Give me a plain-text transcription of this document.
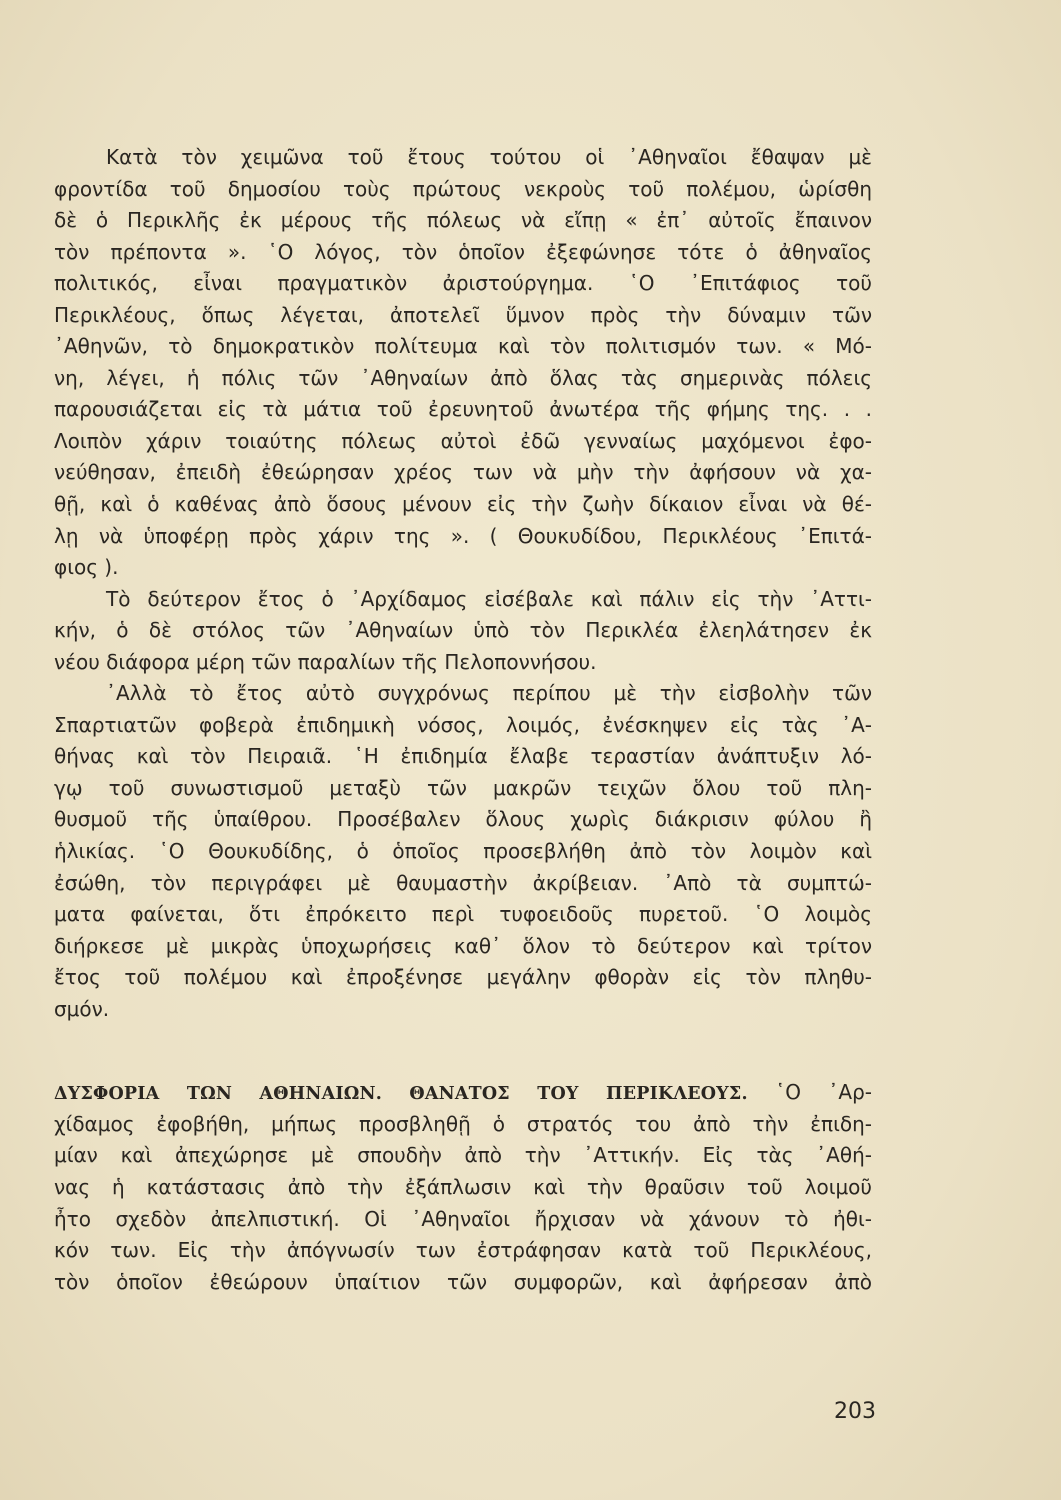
Κατὰ τὸν χειμῶνα τοῦ ἔτους τούτου οἱ ᾿Αθηναῖοι ἔθαψαν μὲ
φροντίδα τοῦ δημοσίου τοὺς πρώτους νεκροὺς τοῦ πολέμου, ὡρίσθη
δὲ ὁ Περικλῆς ἐκ μέρους τῆς πόλεως νὰ εἴπῃ « ἐπ᾿ αὐτοῖς ἔπαινον
τὸν πρέποντα ». ῾Ο λόγος, τὸν ὁποῖον ἐξεφώνησε τότε ὁ ἀθηναῖος
πολιτικός, εἶναι πραγματικὸν ἀριστούργημα. ῾Ο ᾿Επιτάφιος τοῦ
Περικλέους, ὅπως λέγεται, ἀποτελεῖ ὕμνον πρὸς τὴν δύναμιν τῶν
᾿Αθηνῶν, τὸ δημοκρατικὸν πολίτευμα καὶ τὸν πολιτισμόν των. « Μό-
νη, λέγει, ἡ πόλις τῶν ᾿Αθηναίων ἀπὸ ὅλας τὰς σημερινὰς πόλεις
παρουσιάζεται εἰς τὰ μάτια τοῦ ἐρευνητοῦ ἀνωτέρα τῆς φήμης της. . .
Λοιπὸν χάριν τοιαύτης πόλεως αὐτοὶ ἐδῶ γενναίως μαχόμενοι ἐφο-
νεύθησαν, ἐπειδὴ ἐθεώρησαν χρέος των νὰ μὴν τὴν ἀφήσουν νὰ χα-
θῇ, καὶ ὁ καθένας ἀπὸ ὅσους μένουν εἰς τὴν ζωὴν δίκαιον εἶναι νὰ θέ-
λῃ νὰ ὑποφέρῃ πρὸς χάριν της ». ( Θουκυδίδου, Περικλέους ᾿Επιτά-
φιος ).
Τὸ δεύτερον ἔτος ὁ ᾿Αρχίδαμος εἰσέβαλε καὶ πάλιν εἰς τὴν ᾿Αττι-
κήν, ὁ δὲ στόλος τῶν ᾿Αθηναίων ὑπὸ τὸν Περικλέα ἐλεηλάτησεν ἐκ
νέου διάφορα μέρη τῶν παραλίων τῆς Πελοποννήσου.
᾿Αλλὰ τὸ ἔτος αὐτὸ συγχρόνως περίπου μὲ τὴν εἰσβολὴν τῶν
Σπαρτιατῶν φοβερὰ ἐπιδημικὴ νόσος, λοιμός, ἐνέσκηψεν εἰς τὰς ᾿Α-
θήνας καὶ τὸν Πειραιᾶ. ῾Η ἐπιδημία ἔλαβε τεραστίαν ἀνάπτυξιν λό-
γῳ τοῦ συνωστισμοῦ μεταξὺ τῶν μακρῶν τειχῶν ὅλου τοῦ πλη-
θυσμοῦ τῆς ὑπαίθρου. Προσέβαλεν ὅλους χωρὶς διάκρισιν φύλου ἢ
ἡλικίας. ῾Ο Θουκυδίδης, ὁ ὁποῖος προσεβλήθη ἀπὸ τὸν λοιμὸν καὶ
ἐσώθη, τὸν περιγράφει μὲ θαυμαστὴν ἀκρίβειαν. ᾿Απὸ τὰ συμπτώ-
ματα φαίνεται, ὅτι ἐπρόκειτο περὶ τυφοειδοῦς πυρετοῦ. ῾Ο λοιμὸς
διήρκεσε μὲ μικρὰς ὑποχωρήσεις καθ᾿ ὅλον τὸ δεύτερον καὶ τρίτον
ἔτος τοῦ πολέμου καὶ ἐπροξένησε μεγάλην φθορὰν εἰς τὸν πληθυ-
σμόν.
ΔΥΣΦΟΡΙΑ ΤΩΝ ΑΘΗΝΑΙΩΝ. ΘΑΝΑΤΟΣ ΤΟΥ ΠΕΡΙΚΛΕΟΥΣ. ῾Ο ᾿Αρ-
χίδαμος ἐφοβήθη, μήπως προσβληθῇ ὁ στρατός του ἀπὸ τὴν ἐπιδη-
μίαν καὶ ἀπεχώρησε μὲ σπουδὴν ἀπὸ τὴν ᾿Αττικήν. Εἰς τὰς ᾿Αθή-
νας ἡ κατάστασις ἀπὸ τὴν ἐξάπλωσιν καὶ τὴν θραῦσιν τοῦ λοιμοῦ
ἦτο σχεδὸν ἀπελπιστική. Οἱ ᾿Αθηναῖοι ἤρχισαν νὰ χάνουν τὸ ἠθι-
κόν των. Εἰς τὴν ἀπόγνωσίν των ἐστράφησαν κατὰ τοῦ Περικλέους,
τὸν ὁποῖον ἐθεώρουν ὑπαίτιον τῶν συμφορῶν, καὶ ἀφήρεσαν ἀπὸ
203
